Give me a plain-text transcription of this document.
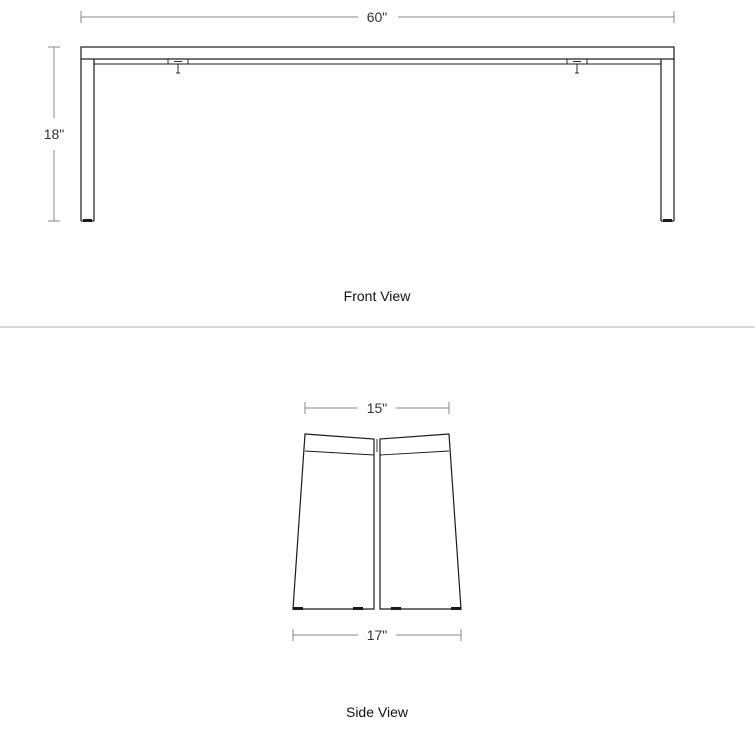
60"
18"
Front View
15"
17"
Side View
